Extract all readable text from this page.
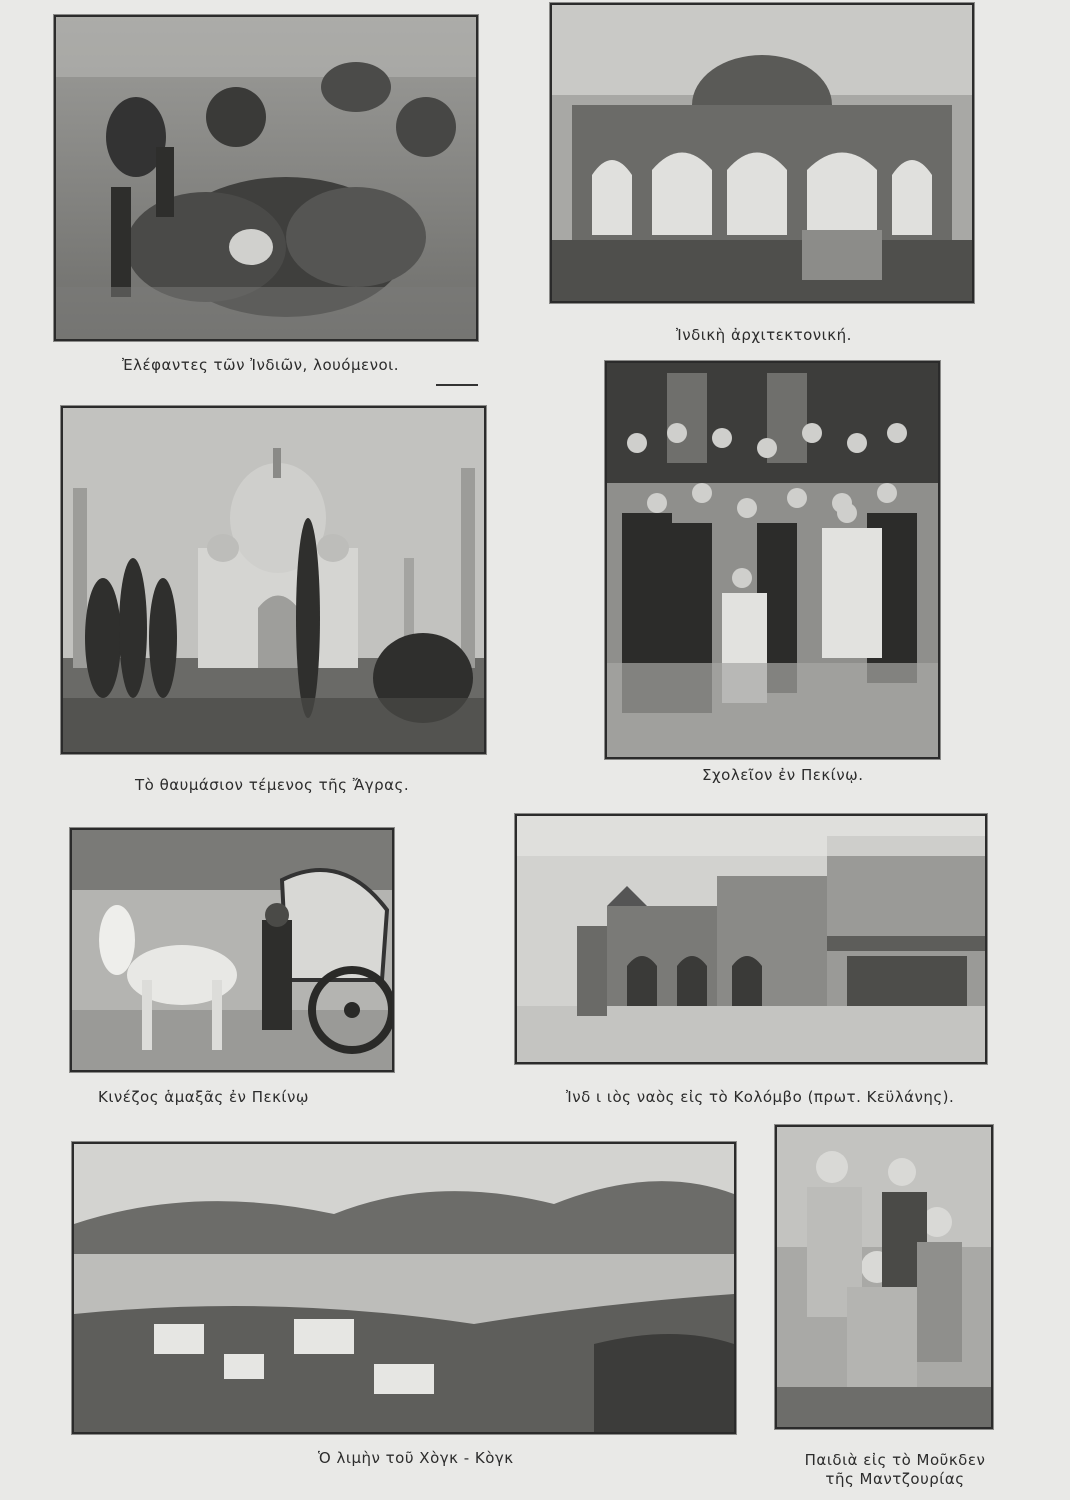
Ἐλέφαντες τῶν Ἰνδιῶν, λουόμενοι.
Ἰνδικὴ ἀρχιτεκτονική.
Τὸ θαυμάσιον τέμενος τῆς Ἄγρας.
Σχολεῖον ἐν Πεκίνῳ.
Κινέζος ἁμαξᾶς ἐν Πεκίνῳ	Ἰνδ ι ιὸς ναὸς εἰς τὸ Κολόμβο (πρωτ. Κεϋλάνης).
Ὁ λιμὴν τοῦ Χὸγκ - Κὸγκ	Παιδιὰ εἰς τὸ Μοῦκδεν
τῆς Μαντζουρίας
